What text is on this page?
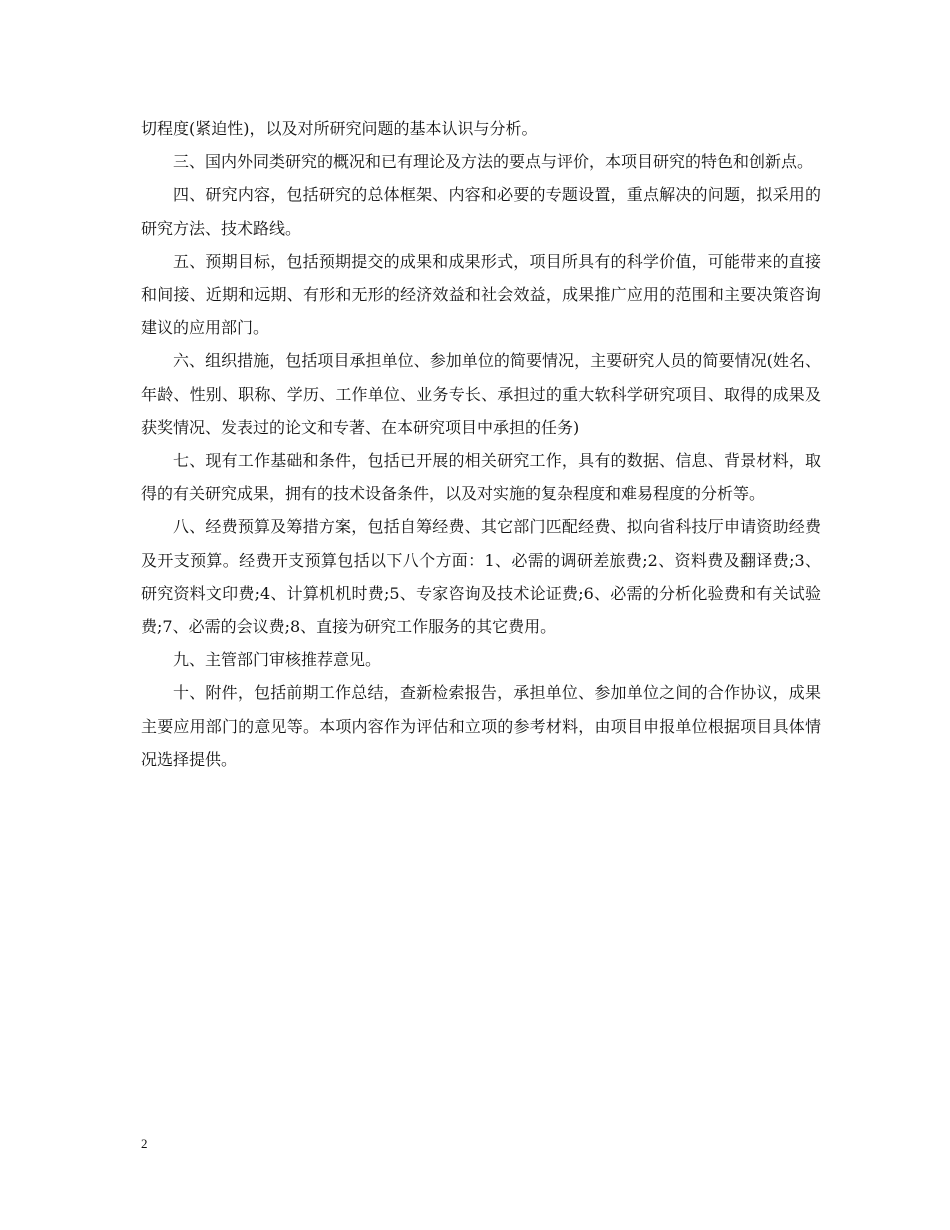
切程度(紧迫性)，以及对所研究问题的基本认识与分析。

三、国内外同类研究的概况和已有理论及方法的要点与评价，本项目研究的特色和创新点。

四、研究内容，包括研究的总体框架、内容和必要的专题设置，重点解决的问题，拟采用的研究方法、技术路线。

五、预期目标，包括预期提交的成果和成果形式，项目所具有的科学价值，可能带来的直接和间接、近期和远期、有形和无形的经济效益和社会效益，成果推广应用的范围和主要决策咨询建议的应用部门。

六、组织措施，包括项目承担单位、参加单位的简要情况，主要研究人员的简要情况(姓名、年龄、性别、职称、学历、工作单位、业务专长、承担过的重大软科学研究项目、取得的成果及获奖情况、发表过的论文和专著、在本研究项目中承担的任务)

七、现有工作基础和条件，包括已开展的相关研究工作，具有的数据、信息、背景材料，取得的有关研究成果，拥有的技术设备条件，以及对实施的复杂程度和难易程度的分析等。

八、经费预算及筹措方案，包括自筹经费、其它部门匹配经费、拟向省科技厅申请资助经费及开支预算。经费开支预算包括以下八个方面：1、必需的调研差旅费;2、资料费及翻译费;3、研究资料文印费;4、计算机机时费;5、专家咨询及技术论证费;6、必需的分析化验费和有关试验费;7、必需的会议费;8、直接为研究工作服务的其它费用。

九、主管部门审核推荐意见。

十、附件，包括前期工作总结，查新检索报告，承担单位、参加单位之间的合作协议，成果主要应用部门的意见等。本项内容作为评估和立项的参考材料，由项目申报单位根据项目具体情况选择提供。

2
